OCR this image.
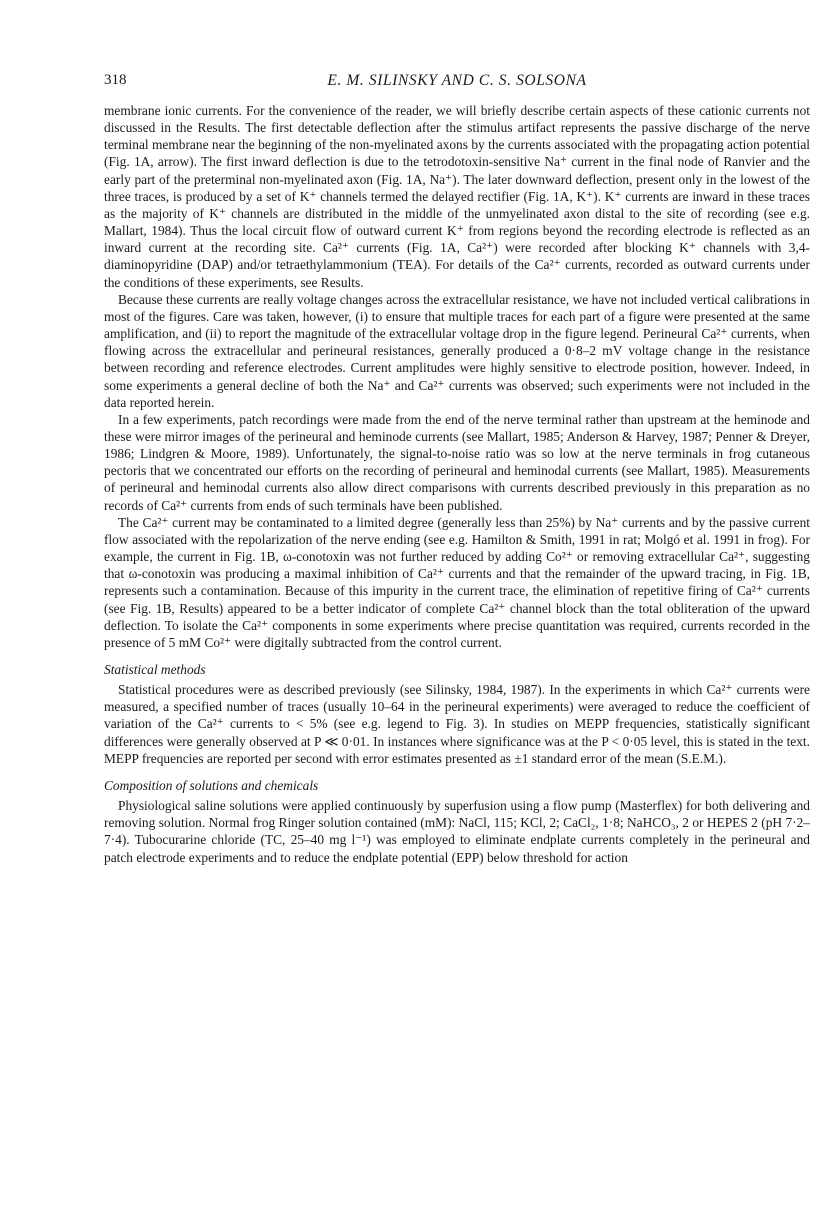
318	E. M. SILINSKY AND C. S. SOLSONA

membrane ionic currents. For the convenience of the reader, we will briefly describe certain aspects of these cationic currents not discussed in the Results. The first detectable deflection after the stimulus artifact represents the passive discharge of the nerve terminal membrane near the beginning of the non-myelinated axons by the currents associated with the propagating action potential (Fig. 1A, arrow). The first inward deflection is due to the tetrodotoxin-sensitive Na⁺ current in the final node of Ranvier and the early part of the preterminal non-myelinated axon (Fig. 1A, Na⁺). The later downward deflection, present only in the lowest of the three traces, is produced by a set of K⁺ channels termed the delayed rectifier (Fig. 1A, K⁺). K⁺ currents are inward in these traces as the majority of K⁺ channels are distributed in the middle of the unmyelinated axon distal to the site of recording (see e.g. Mallart, 1984). Thus the local circuit flow of outward current K⁺ from regions beyond the recording electrode is reflected as an inward current at the recording site. Ca²⁺ currents (Fig. 1A, Ca²⁺) were recorded after blocking K⁺ channels with 3,4-diaminopyridine (DAP) and/or tetraethylammonium (TEA). For details of the Ca²⁺ currents, recorded as outward currents under the conditions of these experiments, see Results.

Because these currents are really voltage changes across the extracellular resistance, we have not included vertical calibrations in most of the figures. Care was taken, however, (i) to ensure that multiple traces for each part of a figure were presented at the same amplification, and (ii) to report the magnitude of the extracellular voltage drop in the figure legend. Perineural Ca²⁺ currents, when flowing across the extracellular and perineural resistances, generally produced a 0·8–2 mV voltage change in the resistance between recording and reference electrodes. Current amplitudes were highly sensitive to electrode position, however. Indeed, in some experiments a general decline of both the Na⁺ and Ca²⁺ currents was observed; such experiments were not included in the data reported herein.

In a few experiments, patch recordings were made from the end of the nerve terminal rather than upstream at the heminode and these were mirror images of the perineural and heminode currents (see Mallart, 1985; Anderson & Harvey, 1987; Penner & Dreyer, 1986; Lindgren & Moore, 1989). Unfortunately, the signal-to-noise ratio was so low at the nerve terminals in frog cutaneous pectoris that we concentrated our efforts on the recording of perineural and heminodal currents (see Mallart, 1985). Measurements of perineural and heminodal currents also allow direct comparisons with currents described previously in this preparation as no records of Ca²⁺ currents from ends of such terminals have been published.

The Ca²⁺ current may be contaminated to a limited degree (generally less than 25%) by Na⁺ currents and by the passive current flow associated with the repolarization of the nerve ending (see e.g. Hamilton & Smith, 1991 in rat; Molgó et al. 1991 in frog). For example, the current in Fig. 1B, ω-conotoxin was not further reduced by adding Co²⁺ or removing extracellular Ca²⁺, suggesting that ω-conotoxin was producing a maximal inhibition of Ca²⁺ currents and that the remainder of the upward tracing, in Fig. 1B, represents such a contamination. Because of this impurity in the current trace, the elimination of repetitive firing of Ca²⁺ currents (see Fig. 1B, Results) appeared to be a better indicator of complete Ca²⁺ channel block than the total obliteration of the upward deflection. To isolate the Ca²⁺ components in some experiments where precise quantitation was required, currents recorded in the presence of 5 mM Co²⁺ were digitally subtracted from the control current.

Statistical methods

Statistical procedures were as described previously (see Silinsky, 1984, 1987). In the experiments in which Ca²⁺ currents were measured, a specified number of traces (usually 10–64 in the perineural experiments) were averaged to reduce the coefficient of variation of the Ca²⁺ currents to < 5% (see e.g. legend to Fig. 3). In studies on MEPP frequencies, statistically significant differences were generally observed at P ≪ 0·01. In instances where significance was at the P < 0·05 level, this is stated in the text. MEPP frequencies are reported per second with error estimates presented as ±1 standard error of the mean (S.E.M.).

Composition of solutions and chemicals

Physiological saline solutions were applied continuously by superfusion using a flow pump (Masterflex) for both delivering and removing solution. Normal frog Ringer solution contained (mM): NaCl, 115; KCl, 2; CaCl₂, 1·8; NaHCO₃, 2 or HEPES 2 (pH 7·2–7·4). Tubocurarine chloride (TC, 25–40 mg l⁻¹) was employed to eliminate endplate currents completely in the perineural and patch electrode experiments and to reduce the endplate potential (EPP) below threshold for action
